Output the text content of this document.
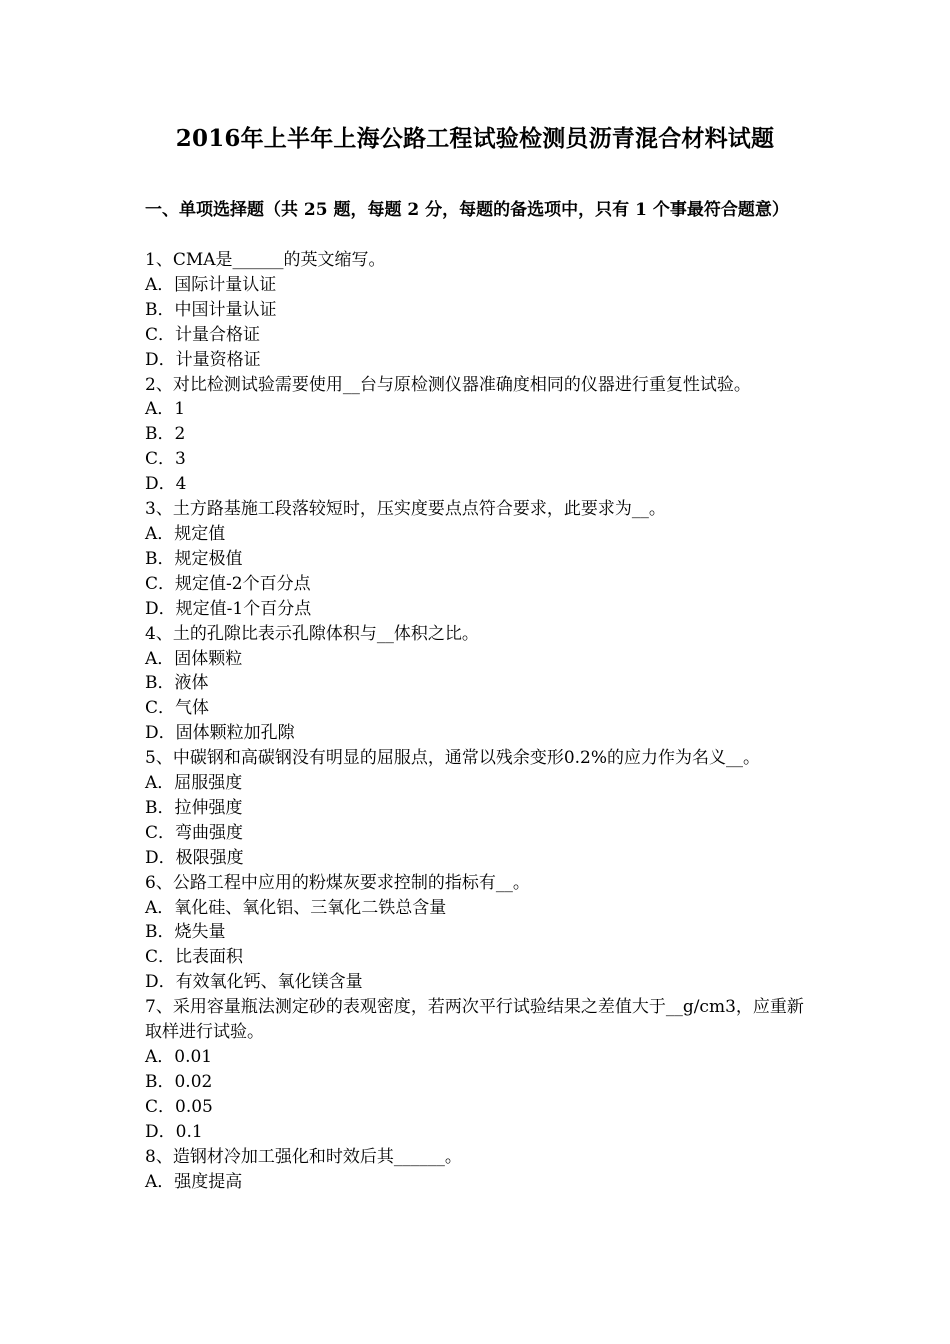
2016年上半年上海公路工程试验检测员沥青混合材料试题
一、单项选择题（共 25 题，每题 2 分，每题的备选项中，只有 1 个事最符合题意）
1、CMA是______的英文缩写。
A．国际计量认证
B．中国计量认证
C．计量合格证
D．计量资格证
2、对比检测试验需要使用__台与原检测仪器准确度相同的仪器进行重复性试验。
A．1
B．2
C．3
D．4
3、土方路基施工段落较短时，压实度要点点符合要求，此要求为__。
A．规定值
B．规定极值
C．规定值-2个百分点
D．规定值-1个百分点
4、土的孔隙比表示孔隙体积与__体积之比。
A．固体颗粒
B．液体
C．气体
D．固体颗粒加孔隙
5、中碳钢和高碳钢没有明显的屈服点，通常以残余变形0.2%的应力作为名义__。
A．屈服强度
B．拉伸强度
C．弯曲强度
D．极限强度
6、公路工程中应用的粉煤灰要求控制的指标有__。
A．氧化硅、氧化铝、三氧化二铁总含量
B．烧失量
C．比表面积
D．有效氧化钙、氧化镁含量
7、采用容量瓶法测定砂的表观密度，若两次平行试验结果之差值大于__g/cm3，应重新取样进行试验。
A．0.01
B．0.02
C．0.05
D．0.1
8、造钢材冷加工强化和时效后其______。
A．强度提高
